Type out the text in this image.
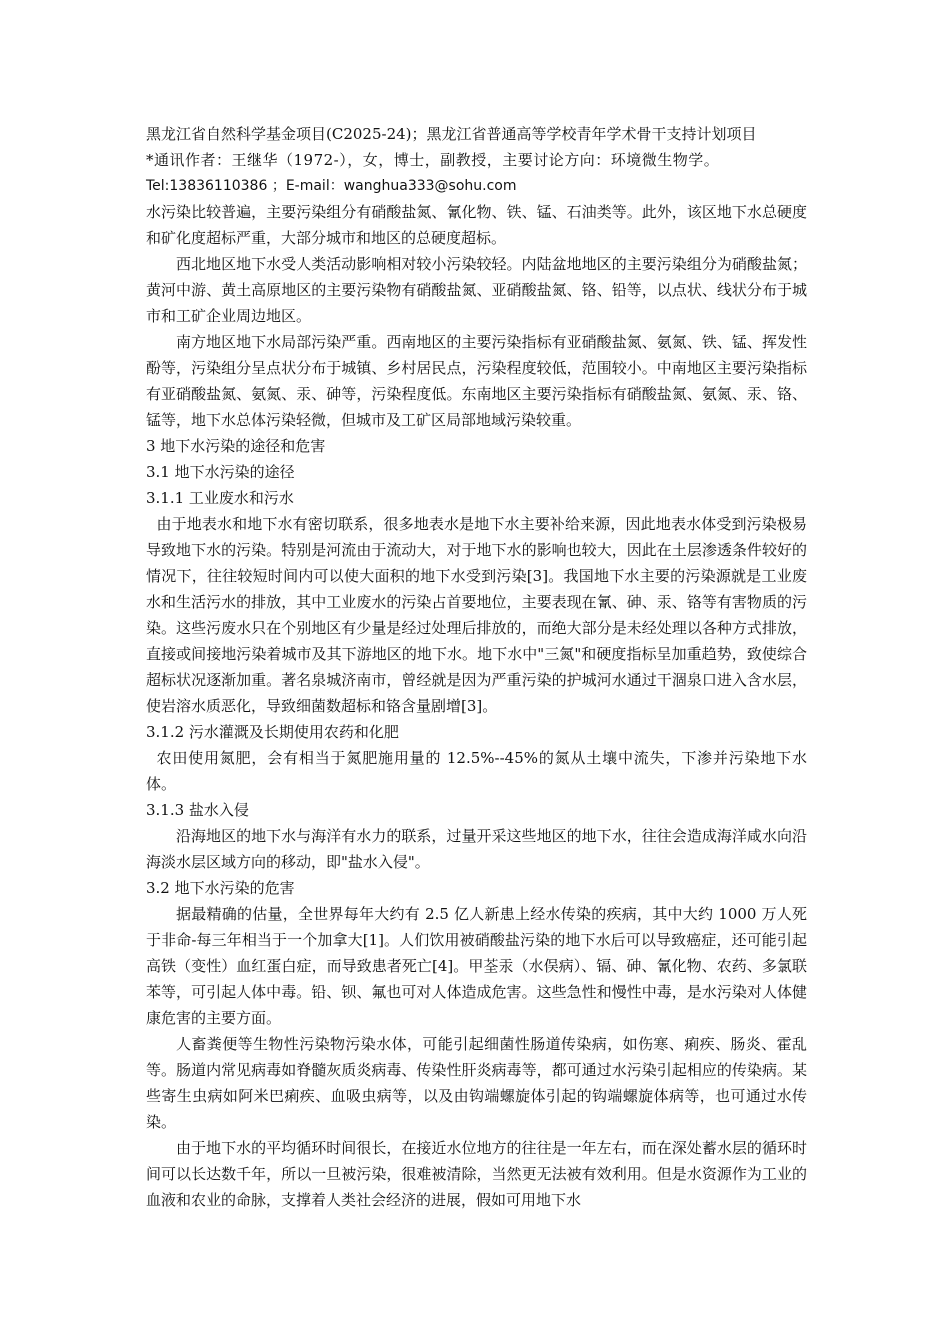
黑龙江省自然科学基金项目(C2025-24)；黑龙江省普通高等学校青年学术骨干支持计划项目
*通讯作者：王继华（1972-），女，博士，副教授，主要讨论方向：环境微生物学。
Tel:13836110386 ；E-mail：wanghua333@sohu.com

水污染比较普遍，主要污染组分有硝酸盐氮、氰化物、铁、锰、石油类等。此外，该区地下水总硬度和矿化度超标严重，大部分城市和地区的总硬度超标。

西北地区地下水受人类活动影响相对较小污染较轻。内陆盆地地区的主要污染组分为硝酸盐氮；黄河中游、黄土高原地区的主要污染物有硝酸盐氮、亚硝酸盐氮、铬、铅等，以点状、线状分布于城市和工矿企业周边地区。

南方地区地下水局部污染严重。西南地区的主要污染指标有亚硝酸盐氮、氨氮、铁、锰、挥发性酚等，污染组分呈点状分布于城镇、乡村居民点，污染程度较低，范围较小。中南地区主要污染指标有亚硝酸盐氮、氨氮、汞、砷等，污染程度低。东南地区主要污染指标有硝酸盐氮、氨氮、汞、铬、锰等，地下水总体污染轻微，但城市及工矿区局部地域污染较重。

3 地下水污染的途径和危害
3.1 地下水污染的途径
3.1.1 工业废水和污水

由于地表水和地下水有密切联系，很多地表水是地下水主要补给来源，因此地表水体受到污染极易导致地下水的污染。特别是河流由于流动大，对于地下水的影响也较大，因此在土层渗透条件较好的情况下，往往较短时间内可以使大面积的地下水受到污染[3]。我国地下水主要的污染源就是工业废水和生活污水的排放，其中工业废水的污染占首要地位，主要表现在氰、砷、汞、铬等有害物质的污染。这些污废水只在个别地区有少量是经过处理后排放的，而绝大部分是未经处理以各种方式排放，直接或间接地污染着城市及其下游地区的地下水。地下水中"三氮"和硬度指标呈加重趋势，致使综合超标状况逐渐加重。著名泉城济南市，曾经就是因为严重污染的护城河水通过干涸泉口进入含水层，使岩溶水质恶化，导致细菌数超标和铬含量剧增[3]。

3.1.2 污水灌溉及长期使用农药和化肥

农田使用氮肥，会有相当于氮肥施用量的 12.5%--45%的氮从土壤中流失，下渗并污染地下水体。

3.1.3 盐水入侵

沿海地区的地下水与海洋有水力的联系，过量开采这些地区的地下水，往往会造成海洋咸水向沿海淡水层区域方向的移动，即"盐水入侵"。

3.2 地下水污染的危害

据最精确的估量，全世界每年大约有 2.5 亿人新患上经水传染的疾病，其中大约 1000 万人死于非命-每三年相当于一个加拿大[1]。人们饮用被硝酸盐污染的地下水后可以导致癌症，还可能引起高铁（变性）血红蛋白症，而导致患者死亡[4]。甲荃汞（水俣病）、镉、砷、氰化物、农药、多氯联苯等，可引起人体中毒。铅、钡、氟也可对人体造成危害。这些急性和慢性中毒，是水污染对人体健康危害的主要方面。

人畜粪便等生物性污染物污染水体，可能引起细菌性肠道传染病，如伤寒、痢疾、肠炎、霍乱等。肠道内常见病毒如脊髓灰质炎病毒、传染性肝炎病毒等，都可通过水污染引起相应的传染病。某些寄生虫病如阿米巴痢疾、血吸虫病等，以及由钩端螺旋体引起的钩端螺旋体病等，也可通过水传染。

由于地下水的平均循环时间很长，在接近水位地方的往往是一年左右，而在深处蓄水层的循环时间可以长达数千年，所以一旦被污染，很难被清除，当然更无法被有效利用。但是水资源作为工业的血液和农业的命脉，支撑着人类社会经济的进展，假如可用地下水
